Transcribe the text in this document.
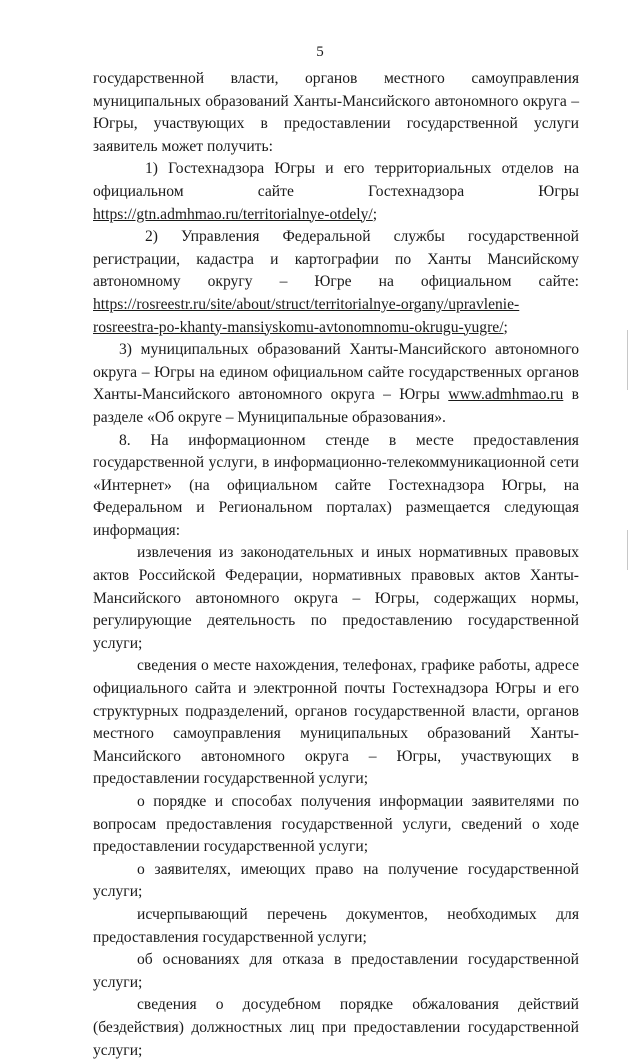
5

государственной власти, органов местного самоуправления муниципальных образований Ханты-Мансийского автономного округа – Югры, участвующих в предоставлении государственной услуги заявитель может получить:

1) Гостехнадзора Югры и его территориальных отделов на официальном сайте Гостехнадзора Югры https://gtn.admhmao.ru/territorialnye-otdely/;

2) Управления Федеральной службы государственной регистрации, кадастра и картографии по Ханты Мансийскому автономному округу – Югре на официальном сайте: https://rosreestr.ru/site/about/struct/territorialnye-organy/upravlenie-rosreestra-po-khanty-mansiyskomu-avtonomnomu-okrugu-yugre/;

3) муниципальных образований Ханты-Мансийского автономного округа – Югры на едином официальном сайте государственных органов Ханты-Мансийского автономного округа – Югры www.admhmao.ru в разделе «Об округе – Муниципальные образования».

8. На информационном стенде в месте предоставления государственной услуги, в информационно-телекоммуникационной сети «Интернет» (на официальном сайте Гостехнадзора Югры, на Федеральном и Региональном порталах) размещается следующая информация:

извлечения из законодательных и иных нормативных правовых актов Российской Федерации, нормативных правовых актов Ханты-Мансийского автономного округа – Югры, содержащих нормы, регулирующие деятельность по предоставлению государственной услуги;

сведения о месте нахождения, телефонах, графике работы, адресе официального сайта и электронной почты Гостехнадзора Югры и его структурных подразделений, органов государственной власти, органов местного самоуправления муниципальных образований Ханты-Мансийского автономного округа – Югры, участвующих в предоставлении государственной услуги;

о порядке и способах получения информации заявителями по вопросам предоставления государственной услуги, сведений о ходе предоставлении государственной услуги;

о заявителях, имеющих право на получение государственной услуги;

исчерпывающий перечень документов, необходимых для предоставления государственной услуги;

об основаниях для отказа в предоставлении государственной услуги;

сведения о досудебном порядке обжалования действий (бездействия) должностных лиц при предоставлении государственной услуги;
